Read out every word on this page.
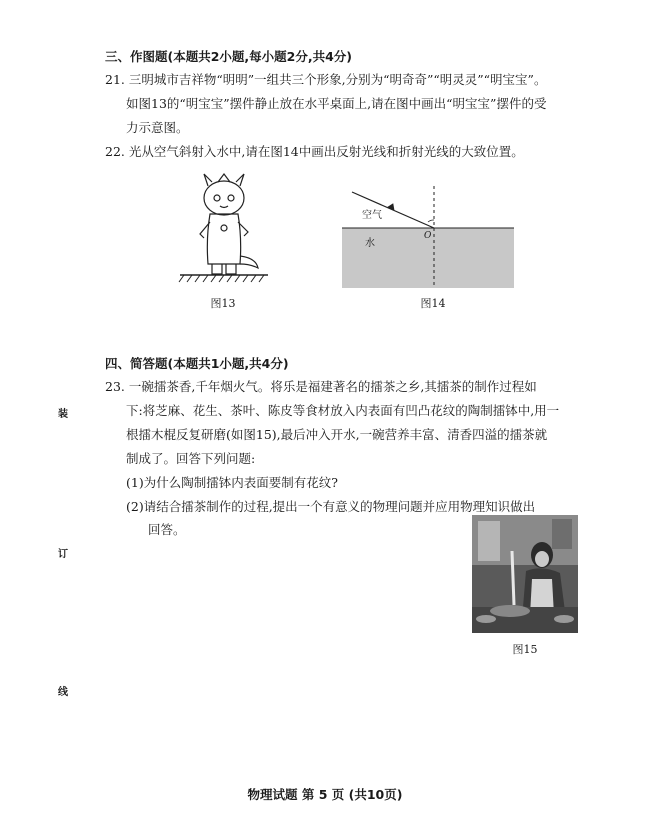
三、作图题(本题共2小题,每小题2分,共4分)
21. 三明城市吉祥物“明明”一组共三个形象,分别为“明奇奇”“明灵灵”“明宝宝”。
如图13的“明宝宝”摆件静止放在水平桌面上,请在图中画出“明宝宝”摆件的受
力示意图。
22. 光从空气斜射入水中,请在图14中画出反射光线和折射光线的大致位置。
图13
空气
水
O
图14
四、简答题(本题共1小题,共4分)
23. 一碗擂茶香,千年烟火气。将乐是福建著名的擂茶之乡,其擂茶的制作过程如
下:将芝麻、花生、茶叶、陈皮等食材放入内表面有凹凸花纹的陶制擂钵中,用一
根擂木棍反复研磨(如图15),最后冲入开水,一碗营养丰富、清香四溢的擂茶就
制成了。回答下列问题:
(1)为什么陶制擂钵内表面要制有花纹?
(2)请结合擂茶制作的过程,提出一个有意义的物理问题并应用物理知识做出
回答。
图15
装
订
线
物理试题 第 5 页 (共10页)
